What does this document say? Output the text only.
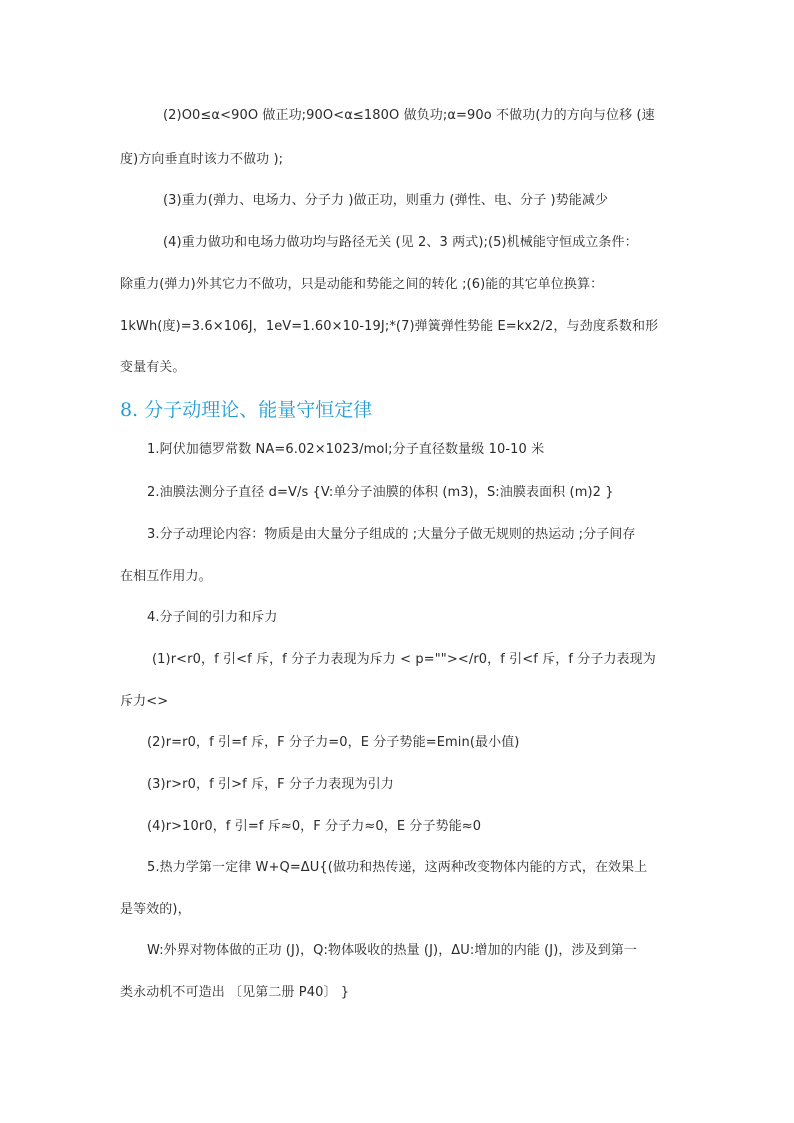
(2)O0≤α<90O 做正功;90O<α≤180O 做负功;α=90o 不做功(力的方向与位移 (速
度)方向垂直时该力不做功 );
(3)重力(弹力、电场力、分子力 )做正功，则重力 (弹性、电、分子 )势能减少
(4)重力做功和电场力做功均与路径无关 (见 2、3 两式);(5)机械能守恒成立条件：
除重力(弹力)外其它力不做功，只是动能和势能之间的转化 ;(6)能的其它单位换算：
1kWh(度)=3.6×106J，1eV=1.60×10-19J;*(7)弹簧弹性势能 E=kx2/2，与劲度系数和形
变量有关。
8. 分子动理论、能量守恒定律
1.阿伏加德罗常数 NA=6.02×1023/mol;分子直径数量级 10-10 米
2.油膜法测分子直径 d=V/s {V:单分子油膜的体积 (m3)，S:油膜表面积 (m)2 }
3.分子动理论内容：物质是由大量分子组成的 ;大量分子做无规则的热运动 ;分子间存
在相互作用力。
4.分子间的引力和斥力
(1)r<r0，f 引<f 斥，f 分子力表现为斥力 < p=""></r0，f 引<f 斥，f 分子力表现为
斥力<>
(2)r=r0，f 引=f 斥，F 分子力=0，E 分子势能=Emin(最小值)
(3)r>r0，f 引>f 斥，F 分子力表现为引力
(4)r>10r0，f 引=f 斥≈0，F 分子力≈0，E 分子势能≈0
5.热力学第一定律 W+Q=ΔU{(做功和热传递，这两种改变物体内能的方式，在效果上
是等效的)，
W:外界对物体做的正功 (J)，Q:物体吸收的热量 (J)，ΔU:增加的内能 (J)，涉及到第一
类永动机不可造出 〔见第二册 P40〕 }
